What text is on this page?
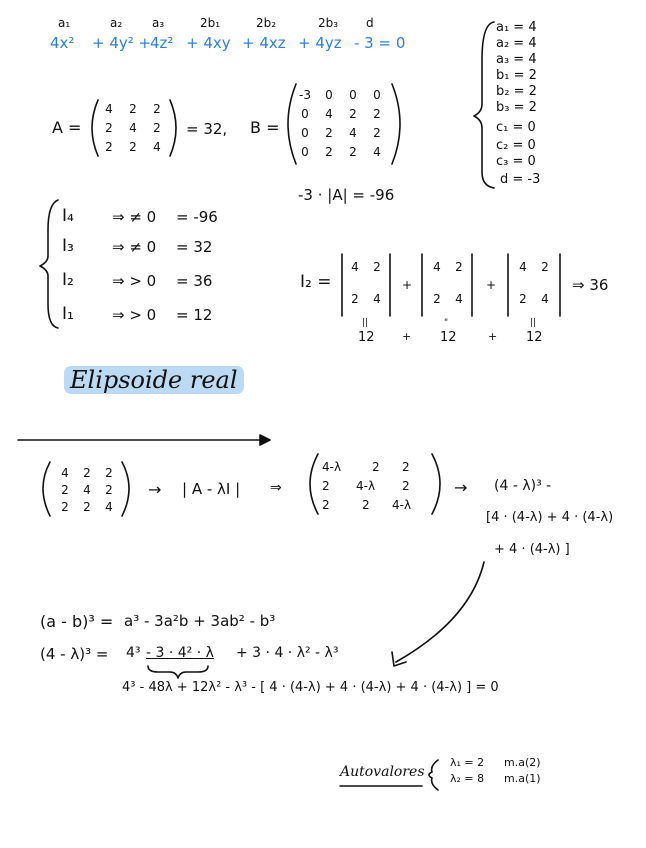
a₁	a₂ a₃	2b₁	2b₂	2b₃ d
4x² + 4y² +
4z² + 4xy + 4xz + 4yz - 3 = 0
a₁ = 4
a₂ = 4
a₃ = 4
b₁ = 2
b₂ = 2
b₃ = 2
c₁ = 0
c₂ = 0
c₃ = 0
d = -3
A =
4 2 2
2 4 2
2 2 4
= 32, B =
-3 0 0 0
0 4 2 2
0 2 4 2
0 2 2 4
-3 · |A| = -96
I₄	⇒ ≠ 0 = -96
I₃	⇒ ≠ 0 = 32
I₂	⇒ > 0 = 36
I₁	⇒ > 0 = 12
I₂ =
4 2
2 4
+
4 2
2 4
+
4 2
2 4
⇒ 36
||	"	||
12 + 12	+ 12
Elipsoide real
4 2 2
2 4 2
2 2 4
→ | A - λI | ⇒
4-λ	2 2
2 4-λ 2
2	2 4-λ
→ (4 - λ)³ -
[4 · (4-λ) + 4 · (4-λ)
+ 4 · (4-λ) ]
(a - b)³ = a³ - 3a²b + 3ab² - b³
(4 - λ)³ = 4³ - 3 · 4² · λ + 3 · 4 · λ² - λ³
4³ - 48λ + 12λ² - λ³ - [ 4 · (4-λ) + 4 · (4-λ) + 4 · (4-λ) ] = 0
Autovalores
λ₁ = 2 m.a(2)
λ₂ = 8 m.a(1)
